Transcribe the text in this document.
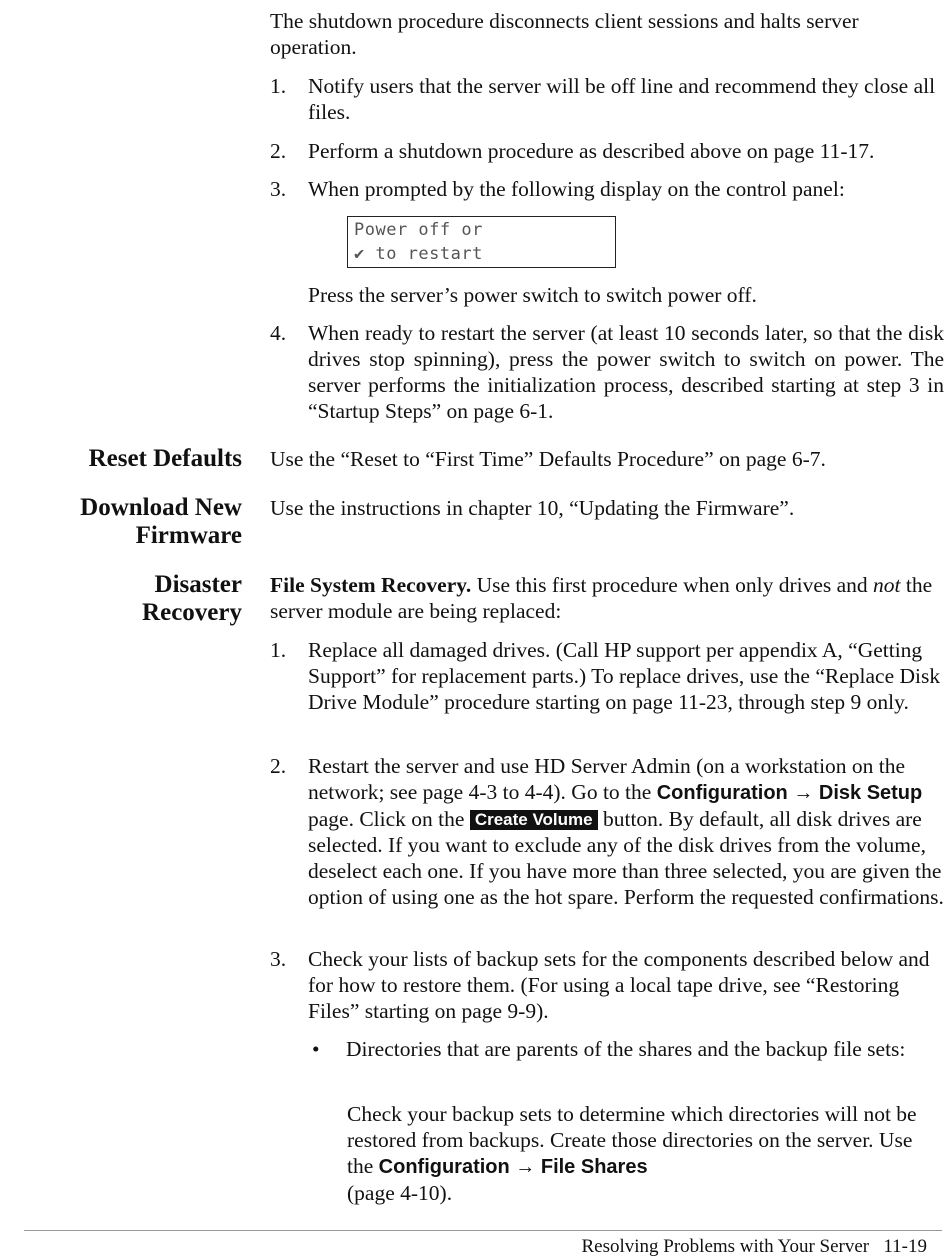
The shutdown procedure disconnects client sessions and halts server operation.

1. Notify users that the server will be off line and recommend they close all files.

2. Perform a shutdown procedure as described above on page 11-17.

3. When prompted by the following display on the control panel:

Power off or
✔ to restart

Press the server’s power switch to switch power off.

4. When ready to restart the server (at least 10 seconds later, so that the disk drives stop spinning), press the power switch to switch on power. The server performs the initialization process, described starting at step 3 in “Startup Steps” on page 6-1.

Reset Defaults Use the “Reset to “First Time” Defaults Procedure” on page 6-7.

Download New
Firmware

Use the instructions in chapter 10, “Updating the Firmware”.

Disaster
Recovery

File System Recovery. Use this first procedure when only drives and not the server module are being replaced:

1. Replace all damaged drives. (Call HP support per appendix A, “Getting Support” for replacement parts.) To replace drives, use the “Replace Disk Drive Module” procedure starting on page 11-23, through step 9 only.

2. Restart the server and use HD Server Admin (on a workstation on the network; see page 4-3 to 4-4). Go to the Configuration → Disk Setup page. Click on the Create Volume button. By default, all disk drives are selected. If you want to exclude any of the disk drives from the volume, deselect each one. If you have more than three selected, you are given the option of using one as the hot spare. Perform the requested confirmations.

3. Check your lists of backup sets for the components described below and for how to restore them. (For using a local tape drive, see “Restoring Files” starting on page 9-9).

• Directories that are parents of the shares and the backup file sets:

Check your backup sets to determine which directories will not be restored from backups. Create those directories on the server. Use the Configuration → File Shares
(page 4-10).

Resolving Problems with Your Server 11-19
